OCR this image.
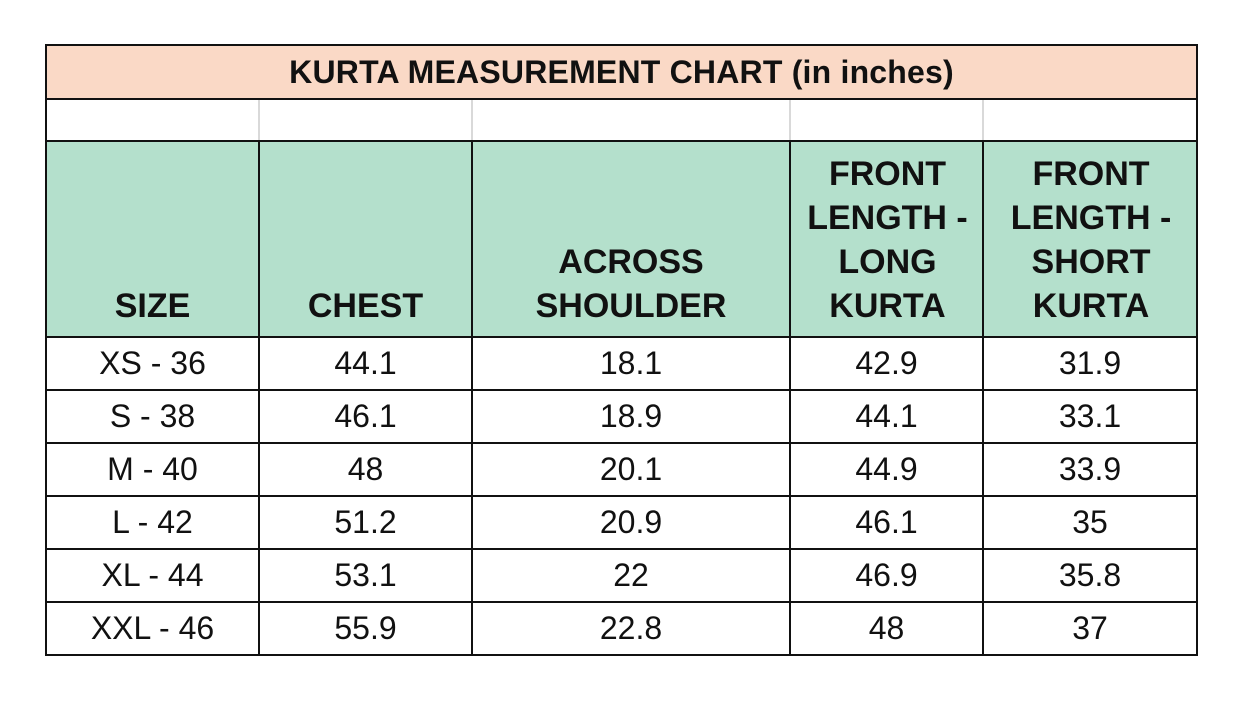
KURTA MEASUREMENT CHART (in inches)				

SIZE	CHEST	ACROSS SHOULDER	FRONT LENGTH - LONG KURTA	FRONT LENGTH - SHORT KURTA
XS - 36	44.1	18.1	42.9	31.9
S - 38	46.1	18.9	44.1	33.1
M - 40	48	20.1	44.9	33.9
L - 42	51.2	20.9	46.1	35
XL - 44	53.1	22	46.9	35.8
XXL - 46	55.9	22.8	48	37
